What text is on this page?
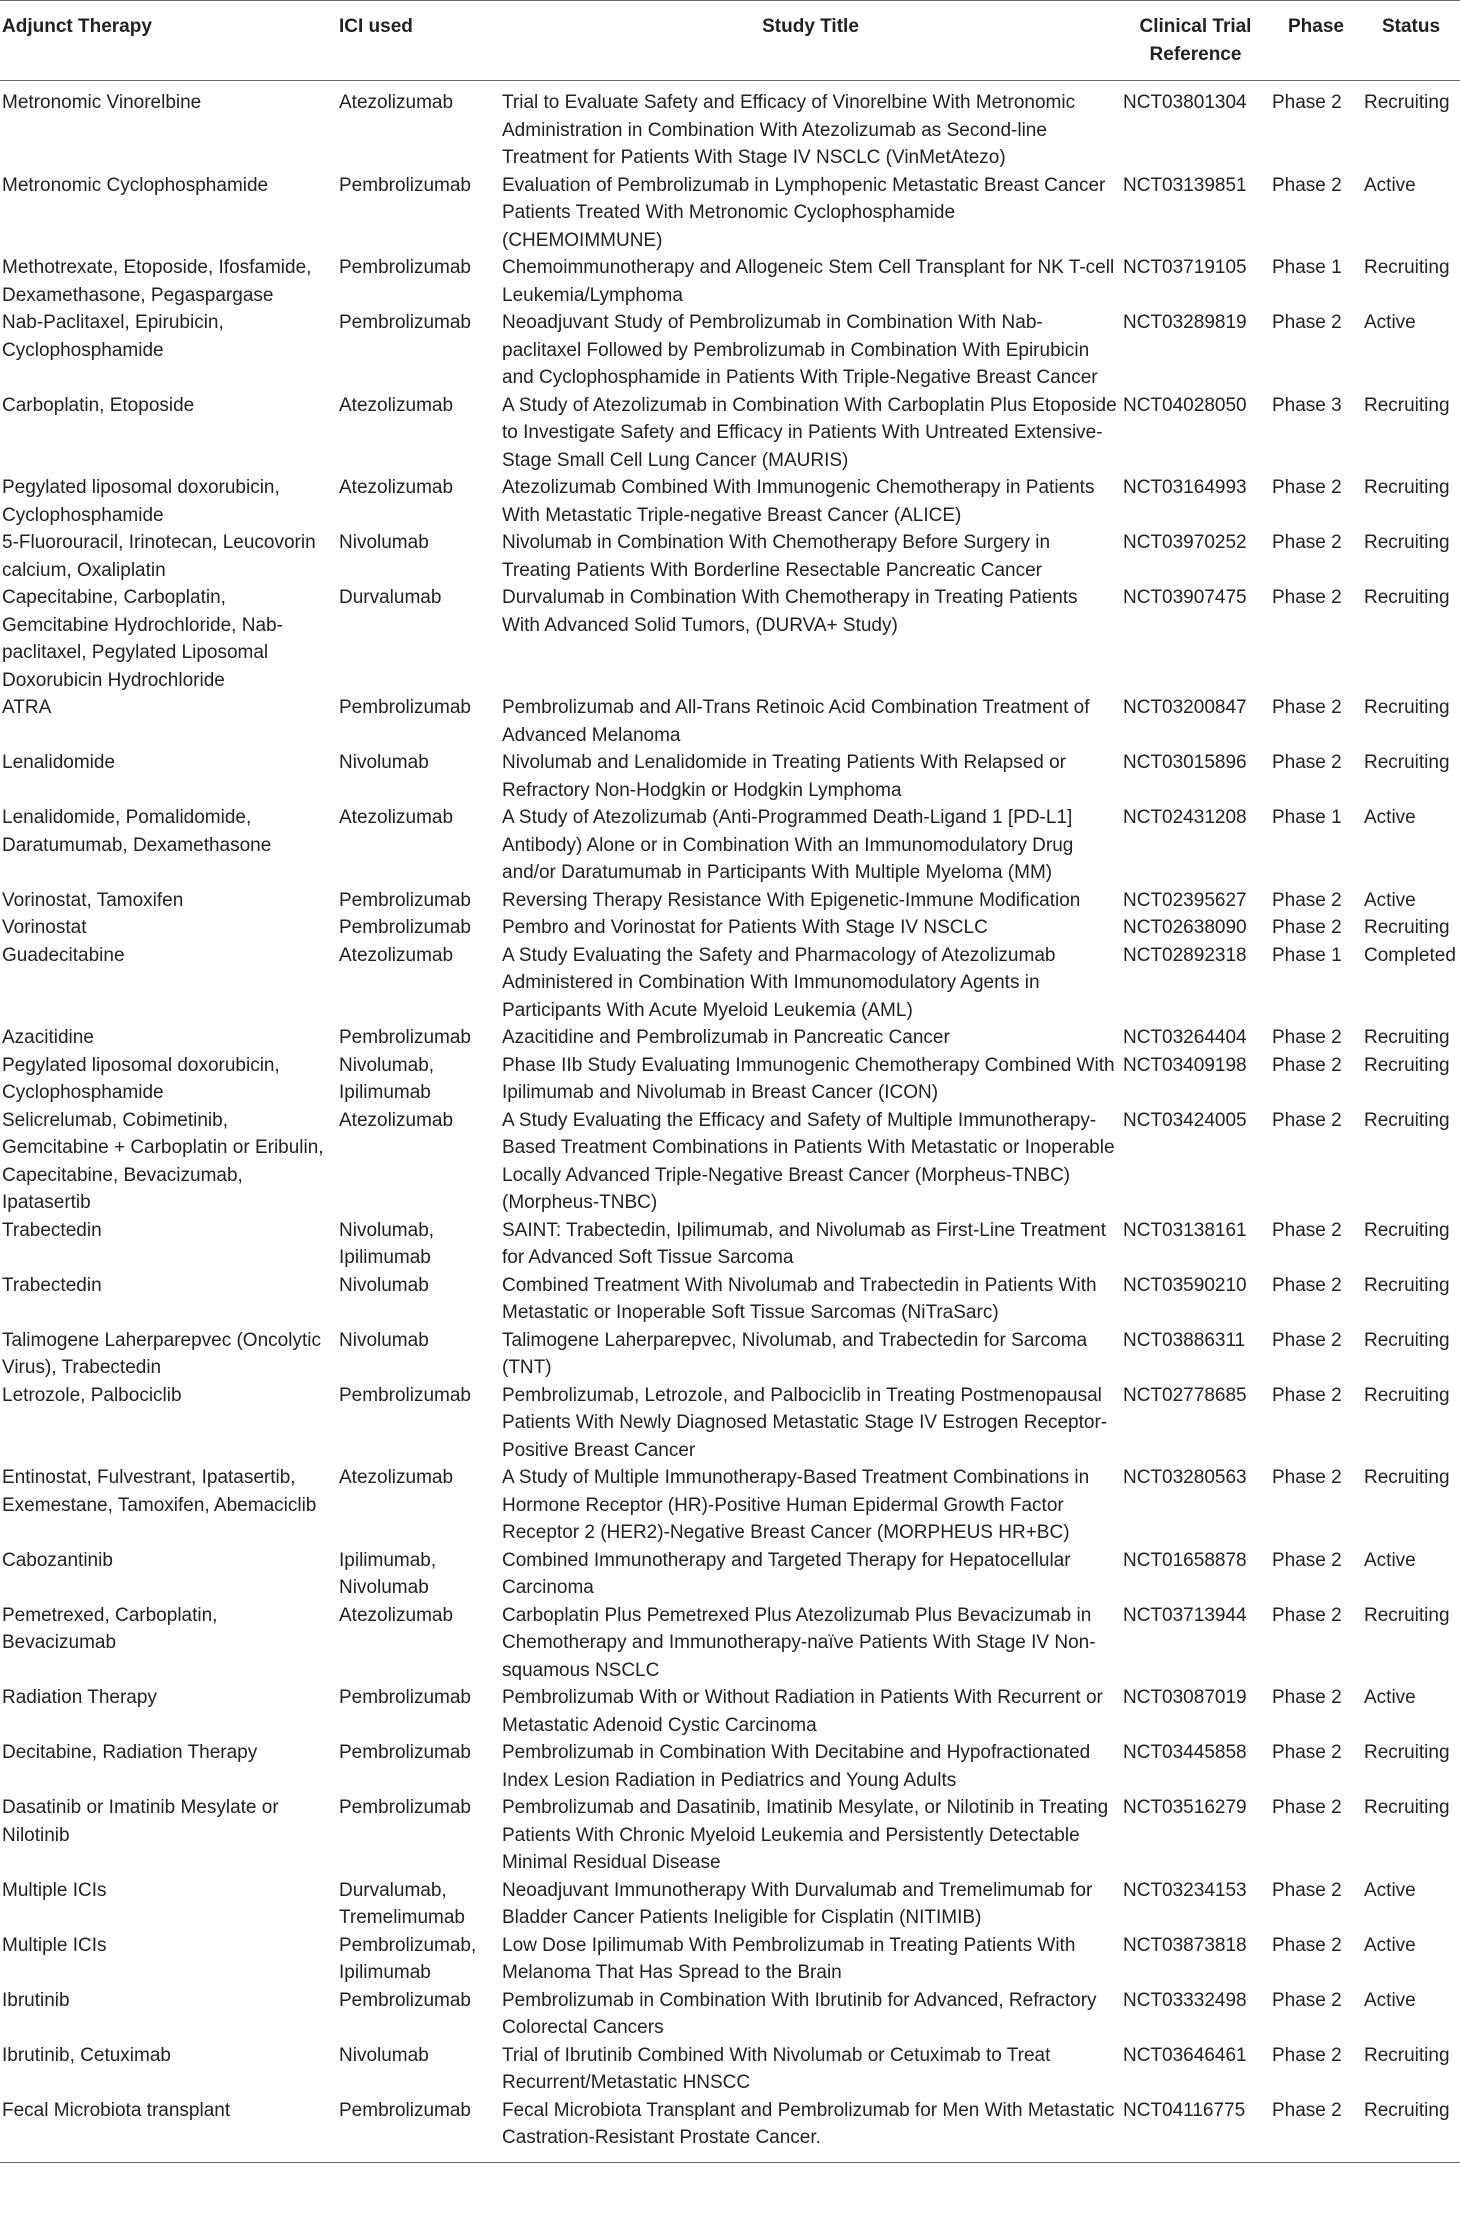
Adjunct Therapy	ICI used	Study Title	Clinical Trial Reference	Phase	Status
Metronomic Vinorelbine	Atezolizumab	Trial to Evaluate Safety and Efficacy of Vinorelbine With Metronomic Administration in Combination With Atezolizumab as Second-line Treatment for Patients With Stage IV NSCLC (VinMetAtezo)	NCT03801304	Phase 2	Recruiting
Metronomic Cyclophosphamide	Pembrolizumab	Evaluation of Pembrolizumab in Lymphopenic Metastatic Breast Cancer Patients Treated With Metronomic Cyclophosphamide (CHEMOIMMUNE)	NCT03139851	Phase 2	Active
Methotrexate, Etoposide, Ifosfamide, Dexamethasone, Pegaspargase	Pembrolizumab	Chemoimmunotherapy and Allogeneic Stem Cell Transplant for NK T-cell Leukemia/Lymphoma	NCT03719105	Phase 1	Recruiting
Nab-Paclitaxel, Epirubicin, Cyclophosphamide	Pembrolizumab	Neoadjuvant Study of Pembrolizumab in Combination With Nab-paclitaxel Followed by Pembrolizumab in Combination With Epirubicin and Cyclophosphamide in Patients With Triple-Negative Breast Cancer	NCT03289819	Phase 2	Active
Carboplatin, Etoposide	Atezolizumab	A Study of Atezolizumab in Combination With Carboplatin Plus Etoposide to Investigate Safety and Efficacy in Patients With Untreated Extensive-Stage Small Cell Lung Cancer (MAURIS)	NCT04028050	Phase 3	Recruiting
Pegylated liposomal doxorubicin, Cyclophosphamide	Atezolizumab	Atezolizumab Combined With Immunogenic Chemotherapy in Patients With Metastatic Triple-negative Breast Cancer (ALICE)	NCT03164993	Phase 2	Recruiting
5-Fluorouracil, Irinotecan, Leucovorin calcium, Oxaliplatin	Nivolumab	Nivolumab in Combination With Chemotherapy Before Surgery in Treating Patients With Borderline Resectable Pancreatic Cancer	NCT03970252	Phase 2	Recruiting
Capecitabine, Carboplatin, Gemcitabine Hydrochloride, Nab-paclitaxel, Pegylated Liposomal Doxorubicin Hydrochloride	Durvalumab	Durvalumab in Combination With Chemotherapy in Treating Patients With Advanced Solid Tumors, (DURVA+ Study)	NCT03907475	Phase 2	Recruiting
ATRA	Pembrolizumab	Pembrolizumab and All-Trans Retinoic Acid Combination Treatment of Advanced Melanoma	NCT03200847	Phase 2	Recruiting
Lenalidomide	Nivolumab	Nivolumab and Lenalidomide in Treating Patients With Relapsed or Refractory Non-Hodgkin or Hodgkin Lymphoma	NCT03015896	Phase 2	Recruiting
Lenalidomide, Pomalidomide, Daratumumab, Dexamethasone	Atezolizumab	A Study of Atezolizumab (Anti-Programmed Death-Ligand 1 [PD-L1] Antibody) Alone or in Combination With an Immunomodulatory Drug and/or Daratumumab in Participants With Multiple Myeloma (MM)	NCT02431208	Phase 1	Active
Vorinostat, Tamoxifen	Pembrolizumab	Reversing Therapy Resistance With Epigenetic-Immune Modification	NCT02395627	Phase 2	Active
Vorinostat	Pembrolizumab	Pembro and Vorinostat for Patients With Stage IV NSCLC	NCT02638090	Phase 2	Recruiting
Guadecitabine	Atezolizumab	A Study Evaluating the Safety and Pharmacology of Atezolizumab Administered in Combination With Immunomodulatory Agents in Participants With Acute Myeloid Leukemia (AML)	NCT02892318	Phase 1	Completed
Azacitidine	Pembrolizumab	Azacitidine and Pembrolizumab in Pancreatic Cancer	NCT03264404	Phase 2	Recruiting
Pegylated liposomal doxorubicin, Cyclophosphamide	Nivolumab, Ipilimumab	Phase IIb Study Evaluating Immunogenic Chemotherapy Combined With Ipilimumab and Nivolumab in Breast Cancer (ICON)	NCT03409198	Phase 2	Recruiting
Selicrelumab, Cobimetinib, Gemcitabine + Carboplatin or Eribulin, Capecitabine, Bevacizumab, Ipatasertib	Atezolizumab	A Study Evaluating the Efficacy and Safety of Multiple Immunotherapy-Based Treatment Combinations in Patients With Metastatic or Inoperable Locally Advanced Triple-Negative Breast Cancer (Morpheus-TNBC) (Morpheus-TNBC)	NCT03424005	Phase 2	Recruiting
Trabectedin	Nivolumab, Ipilimumab	SAINT: Trabectedin, Ipilimumab, and Nivolumab as First-Line Treatment for Advanced Soft Tissue Sarcoma	NCT03138161	Phase 2	Recruiting
Trabectedin	Nivolumab	Combined Treatment With Nivolumab and Trabectedin in Patients With Metastatic or Inoperable Soft Tissue Sarcomas (NiTraSarc)	NCT03590210	Phase 2	Recruiting
Talimogene Laherparepvec (Oncolytic Virus), Trabectedin	Nivolumab	Talimogene Laherparepvec, Nivolumab, and Trabectedin for Sarcoma (TNT)	NCT03886311	Phase 2	Recruiting
Letrozole, Palbociclib	Pembrolizumab	Pembrolizumab, Letrozole, and Palbociclib in Treating Postmenopausal Patients With Newly Diagnosed Metastatic Stage IV Estrogen Receptor-Positive Breast Cancer	NCT02778685	Phase 2	Recruiting
Entinostat, Fulvestrant, Ipatasertib, Exemestane, Tamoxifen, Abemaciclib	Atezolizumab	A Study of Multiple Immunotherapy-Based Treatment Combinations in Hormone Receptor (HR)-Positive Human Epidermal Growth Factor Receptor 2 (HER2)-Negative Breast Cancer (MORPHEUS HR+BC)	NCT03280563	Phase 2	Recruiting
Cabozantinib	Ipilimumab, Nivolumab	Combined Immunotherapy and Targeted Therapy for Hepatocellular Carcinoma	NCT01658878	Phase 2	Active
Pemetrexed, Carboplatin, Bevacizumab	Atezolizumab	Carboplatin Plus Pemetrexed Plus Atezolizumab Plus Bevacizumab in Chemotherapy and Immunotherapy-naïve Patients With Stage IV Non-squamous NSCLC	NCT03713944	Phase 2	Recruiting
Radiation Therapy	Pembrolizumab	Pembrolizumab With or Without Radiation in Patients With Recurrent or Metastatic Adenoid Cystic Carcinoma	NCT03087019	Phase 2	Active
Decitabine, Radiation Therapy	Pembrolizumab	Pembrolizumab in Combination With Decitabine and Hypofractionated Index Lesion Radiation in Pediatrics and Young Adults	NCT03445858	Phase 2	Recruiting
Dasatinib or Imatinib Mesylate or Nilotinib	Pembrolizumab	Pembrolizumab and Dasatinib, Imatinib Mesylate, or Nilotinib in Treating Patients With Chronic Myeloid Leukemia and Persistently Detectable Minimal Residual Disease	NCT03516279	Phase 2	Recruiting
Multiple ICIs	Durvalumab, Tremelimumab	Neoadjuvant Immunotherapy With Durvalumab and Tremelimumab for Bladder Cancer Patients Ineligible for Cisplatin (NITIMIB)	NCT03234153	Phase 2	Active
Multiple ICIs	Pembrolizumab, Ipilimumab	Low Dose Ipilimumab With Pembrolizumab in Treating Patients With Melanoma That Has Spread to the Brain	NCT03873818	Phase 2	Active
Ibrutinib	Pembrolizumab	Pembrolizumab in Combination With Ibrutinib for Advanced, Refractory Colorectal Cancers	NCT03332498	Phase 2	Active
Ibrutinib, Cetuximab	Nivolumab	Trial of Ibrutinib Combined With Nivolumab or Cetuximab to Treat Recurrent/Metastatic HNSCC	NCT03646461	Phase 2	Recruiting
Fecal Microbiota transplant	Pembrolizumab	Fecal Microbiota Transplant and Pembrolizumab for Men With Metastatic Castration-Resistant Prostate Cancer.	NCT04116775	Phase 2	Recruiting
